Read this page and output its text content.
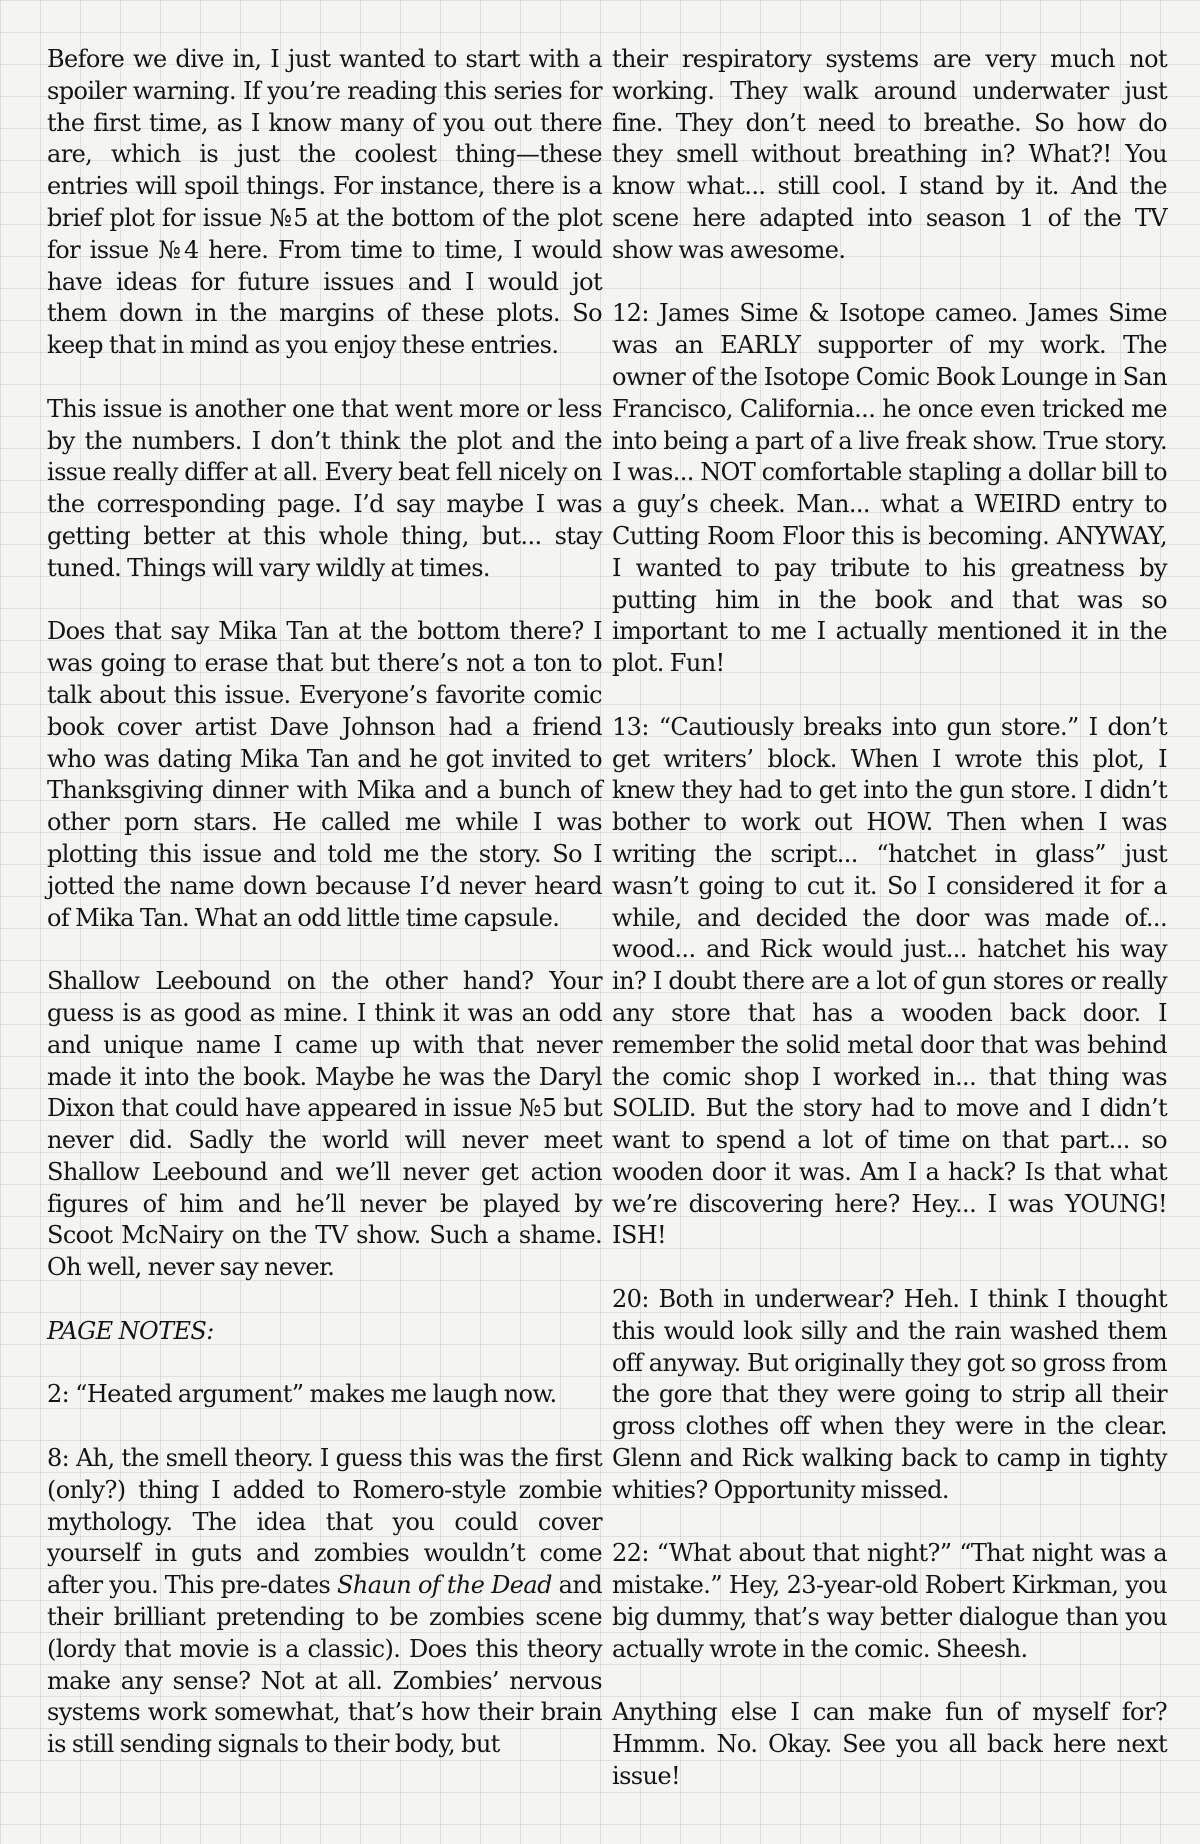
Before we dive in, I just wanted to start with a spoiler warning. If you’re reading this series for the first time, as I know many of you out there are, which is just the coolest thing—these entries will spoil things. For instance, there is a brief plot for issue №5 at the bottom of the plot for issue №4 here. From time to time, I would have ideas for future issues and I would jot them down in the margins of these plots. So keep that in mind as you enjoy these entries.

This issue is another one that went more or less by the numbers. I don’t think the plot and the issue really differ at all. Every beat fell nicely on the corresponding page. I’d say maybe I was getting better at this whole thing, but... stay tuned. Things will vary wildly at times.

Does that say Mika Tan at the bottom there? I was going to erase that but there’s not a ton to talk about this issue. Everyone’s favorite comic book cover artist Dave Johnson had a friend who was dating Mika Tan and he got invited to Thanksgiving dinner with Mika and a bunch of other porn stars. He called me while I was plotting this issue and told me the story. So I jotted the name down because I’d never heard of Mika Tan. What an odd little time capsule.

Shallow Leebound on the other hand? Your guess is as good as mine. I think it was an odd and unique name I came up with that never made it into the book. Maybe he was the Daryl Dixon that could have appeared in issue №5 but never did. Sadly the world will never meet Shallow Leebound and we’ll never get action figures of him and he’ll never be played by Scoot McNairy on the TV show. Such a shame. Oh well, never say never.

PAGE NOTES:

2: “Heated argument” makes me laugh now.

8: Ah, the smell theory. I guess this was the first (only?) thing I added to Romero-style zombie mythology. The idea that you could cover yourself in guts and zombies wouldn’t come after you. This pre-dates Shaun of the Dead and their brilliant pretending to be zombies scene (lordy that movie is a classic). Does this theory make any sense? Not at all. Zombies’ nervous systems work somewhat, that’s how their brain is still sending signals to their body, but

their respiratory systems are very much not working. They walk around underwater just fine. They don’t need to breathe. So how do they smell without breathing in? What?! You know what... still cool. I stand by it. And the scene here adapted into season 1 of the TV show was awesome.

12: James Sime & Isotope cameo. James Sime was an EARLY supporter of my work. The owner of the Isotope Comic Book Lounge in San Francisco, California... he once even tricked me into being a part of a live freak show. True story. I was... NOT comfortable stapling a dollar bill to a guy’s cheek. Man... what a WEIRD entry to Cutting Room Floor this is becoming. ANYWAY, I wanted to pay tribute to his greatness by putting him in the book and that was so important to me I actually mentioned it in the plot. Fun!

13: “Cautiously breaks into gun store.” I don’t get writers’ block. When I wrote this plot, I knew they had to get into the gun store. I didn’t bother to work out HOW. Then when I was writing the script... “hatchet in glass” just wasn’t going to cut it. So I considered it for a while, and decided the door was made of... wood... and Rick would just... hatchet his way in? I doubt there are a lot of gun stores or really any store that has a wooden back door. I remember the solid metal door that was behind the comic shop I worked in... that thing was SOLID. But the story had to move and I didn’t want to spend a lot of time on that part... so wooden door it was. Am I a hack? Is that what we’re discovering here? Hey... I was YOUNG! ISH!

20: Both in underwear? Heh. I think I thought this would look silly and the rain washed them off anyway. But originally they got so gross from the gore that they were going to strip all their gross clothes off when they were in the clear. Glenn and Rick walking back to camp in tighty whities? Opportunity missed.

22: “What about that night?” “That night was a mistake.” Hey, 23-year-old Robert Kirkman, you big dummy, that’s way better dialogue than you actually wrote in the comic. Sheesh.

Anything else I can make fun of myself for? Hmmm. No. Okay. See you all back here next issue!
